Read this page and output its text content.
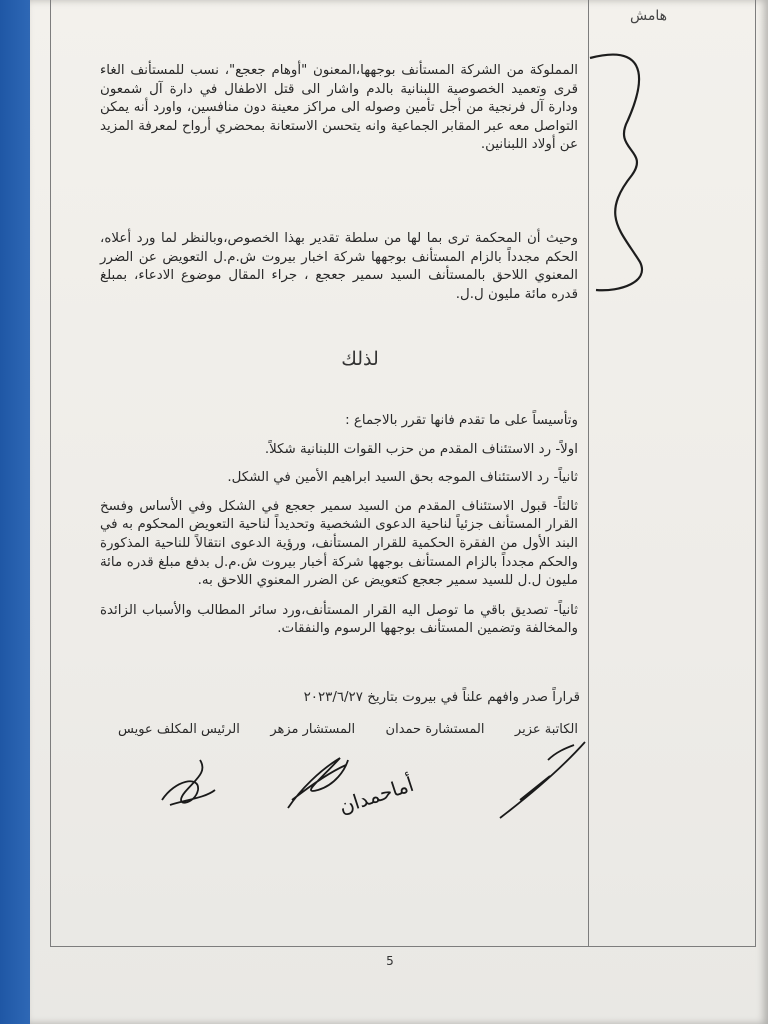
هامش
المملوكة من الشركة المستأنف بوجهها،المعنون "أوهام جعجع"، نسب للمستأنف الغاء قرى وتعميد الخصوصية اللبنانية بالدم واشار الى قتل الاطفال في دارة آل شمعون ودارة آل فرنجية من أجل تأمين وصوله الى مراكز معينة دون منافسين، واورد أنه يمكن التواصل معه عبر المقابر الجماعية وانه يتحسن الاستعانة بمحضري أرواح لمعرفة المزيد عن أولاد اللبنانين.
وحيث أن المحكمة ترى بما لها من سلطة تقدير بهذا الخصوص،وبالنظر لما ورد أعلاه، الحكم مجدداً بالزام المستأنف بوجهها شركة اخبار بيروت ش.م.ل التعويض عن الضرر المعنوي اللاحق بالمستأنف السيد سمير جعجع ، جراء المقال موضوع الادعاء، بمبلغ قدره مائة مليون ل.ل.
لذلك

وتأسيساً على ما تقدم فانها تقرر بالاجماع :

اولاً- رد الاستئناف المقدم من حزب القوات اللبنانية شكلاً.

ثانياً- رد الاستئناف الموجه بحق السيد ابراهيم الأمين في الشكل.

ثالثاً- قبول الاستئناف المقدم من السيد سمير جعجع في الشكل وفي الأساس وفسخ القرار المستأنف جزئياً لناحية الدعوى الشخصية وتحديداً لناحية التعويض المحكوم به في البند الأول من الفقرة الحكمية للقرار المستأنف، ورؤية الدعوى انتقالاً للناحية المذكورة والحكم مجدداً بالزام المستأنف بوجهها شركة أخبار بيروت ش.م.ل بدفع مبلغ قدره مائة مليون ل.ل للسيد سمير جعجع كتعويض عن الضرر المعنوي اللاحق به.

ثانياً- تصديق باقي ما توصل اليه القرار المستأنف،ورد سائر المطالب والأسباب الزائدة والمخالفة وتضمين المستأنف بوجهها الرسوم والنفقات.

قراراً صدر وافهم علناً في بيروت بتاريخ ٢٠٢٣/٦/٢٧
الكاتبة عزير
المستشارة حمدان
المستشار مزهر
الرئيس المكلف عويس
5
أماحمدان
